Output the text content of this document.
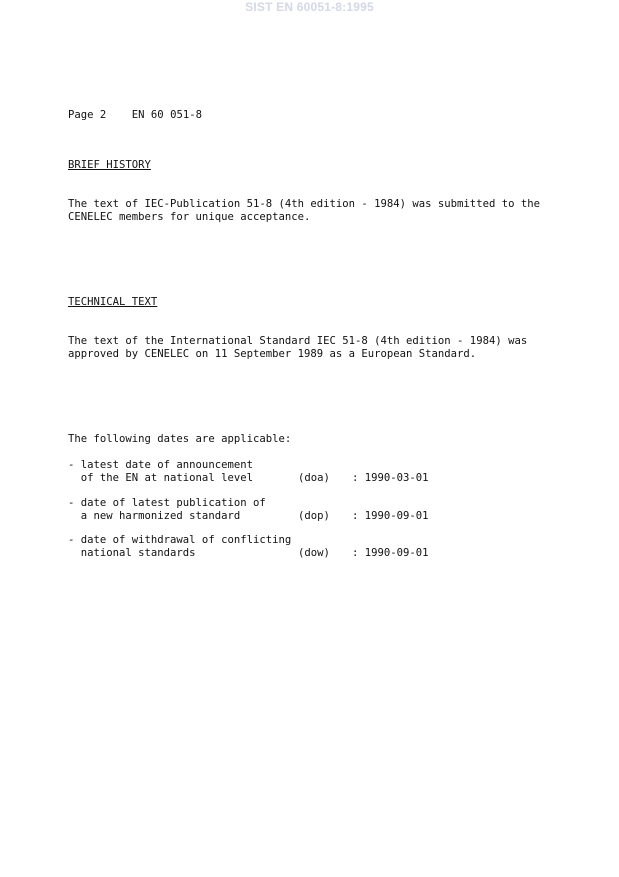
SIST EN 60051-8:1995
Page 2 EN 60 051-8
BRIEF HISTORY
The text of IEC-Publication 51-8 (4th edition - 1984) was submitted to the
CENELEC members for unique acceptance.
TECHNICAL TEXT
The text of the International Standard IEC 51-8 (4th edition - 1984) was
approved by CENELEC on 11 September 1989 as a European Standard.
The following dates are applicable:
- latest date of announcement
of the EN at national level	(doa) : 1990-03-01
- date of latest publication of
a new harmonized standard	(dop) : 1990-09-01
- date of withdrawal of conflicting
national standards	(dow) : 1990-09-01
